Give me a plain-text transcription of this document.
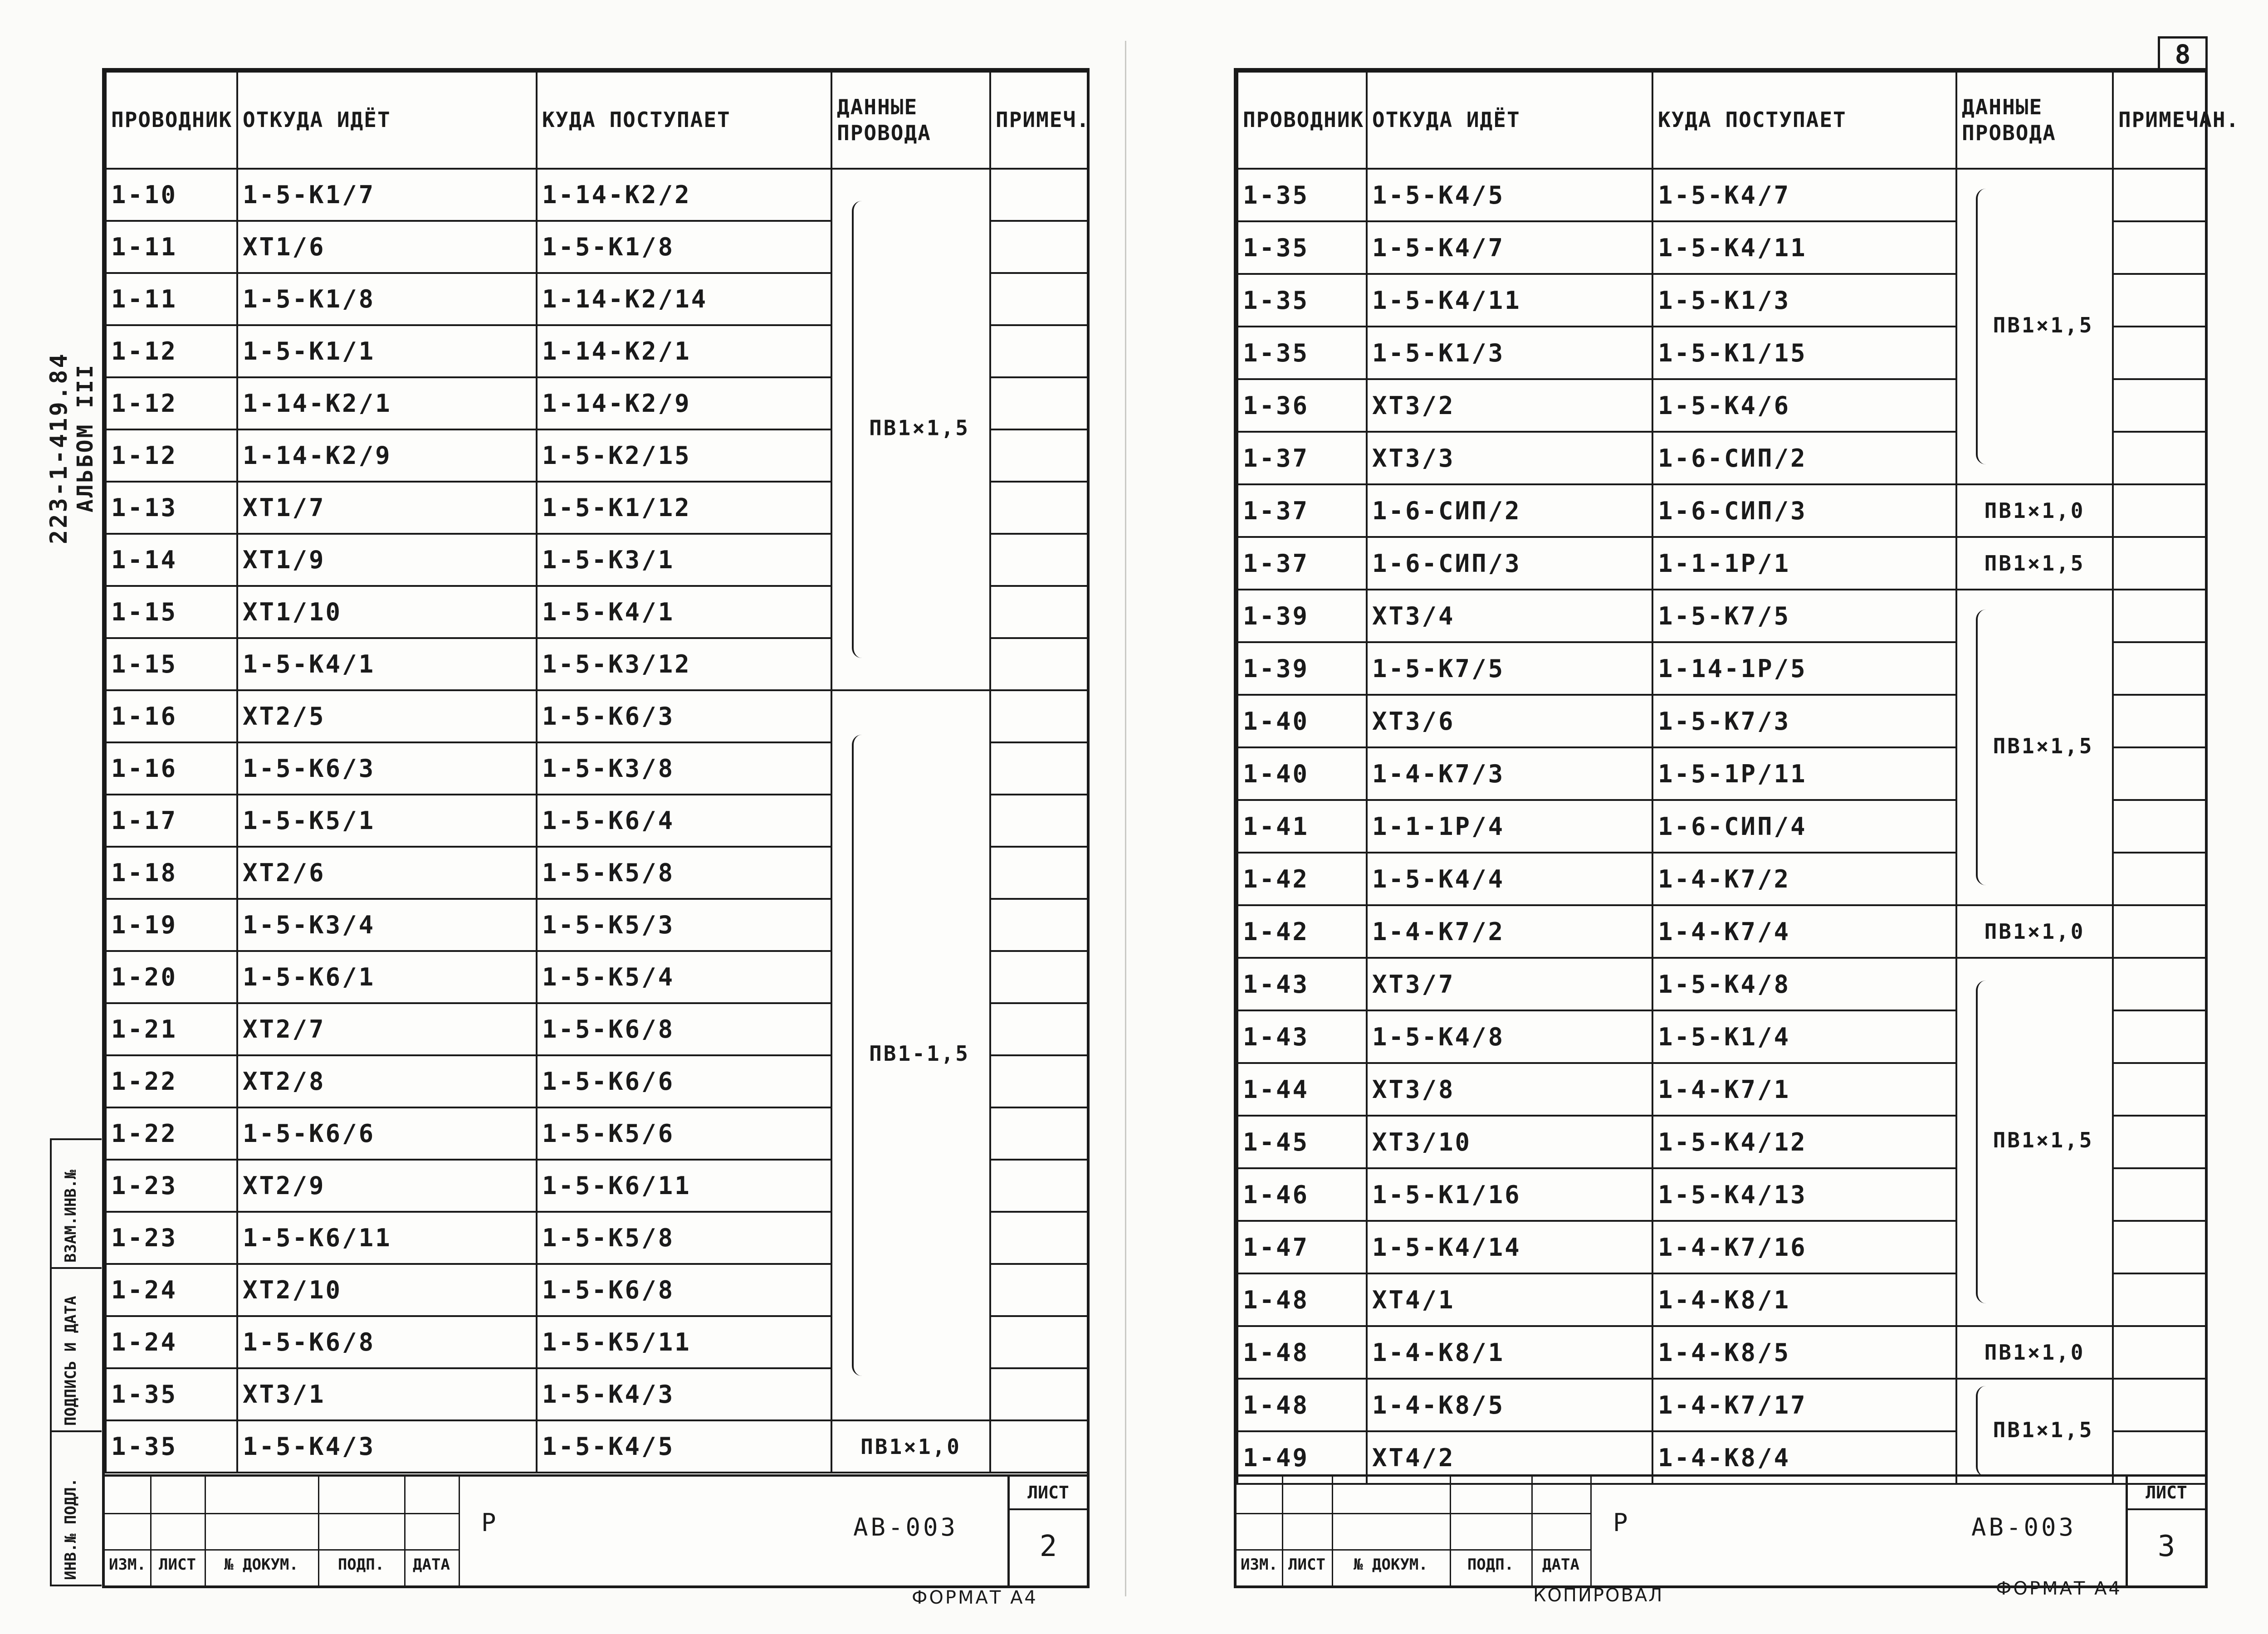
223-1-419.84 АЛЬБОМ III
ВЗАМ.ИНВ.№
ПОДПИСЬ И ДАТА
ИНВ.№ ПОДЛ.
ПРОВОДНИК	ОТКУДА ИДЁТ	КУДА ПОСТУПАЕТ	ДАННЫЕ ПРОВОДА	ПРИМЕЧ.
1-10	1-5-К1/7	1-14-К2/2	ПВ1×1,5	
1-11	ХТ1/6	1-5-К1/8		
1-11	1-5-К1/8	1-14-К2/14		
1-12	1-5-К1/1	1-14-К2/1		
1-12	1-14-К2/1	1-14-К2/9		
1-12	1-14-К2/9	1-5-К2/15		
1-13	ХТ1/7	1-5-К1/12		
1-14	ХТ1/9	1-5-К3/1		
1-15	ХТ1/10	1-5-К4/1		
1-15	1-5-К4/1	1-5-К3/12		
1-16	ХТ2/5	1-5-К6/3	ПВ1-1,5	
1-16	1-5-К6/3	1-5-К3/8		
1-17	1-5-К5/1	1-5-К6/4		
1-18	ХТ2/6	1-5-К5/8		
1-19	1-5-К3/4	1-5-К5/3		
1-20	1-5-К6/1	1-5-К5/4		
1-21	ХТ2/7	1-5-К6/8		
1-22	ХТ2/8	1-5-К6/6		
1-22	1-5-К6/6	1-5-К5/6		
1-23	ХТ2/9	1-5-К6/11		
1-23	1-5-К6/11	1-5-К5/8		
1-24	ХТ2/10	1-5-К6/8		
1-24	1-5-К6/8	1-5-К5/11		
1-35	ХТ3/1	1-5-К4/3		
1-35	1-5-К4/3	1-5-К4/5	ПВ1×1,0	
ИЗМ. ЛИСТ	№ ДОКУМ.	ПОДП.	ДАТА
Р	АВ-003
ЛИСТ
2
ФОРМАТ А4
8
ПРОВОДНИК	ОТКУДА ИДЁТ	КУДА ПОСТУПАЕТ	ДАННЫЕ ПРОВОДА	ПРИМЕЧАН.
1-35	1-5-К4/5	1-5-К4/7	ПВ1×1,5	
1-35	1-5-К4/7	1-5-К4/11		
1-35	1-5-К4/11	1-5-К1/3		
1-35	1-5-К1/3	1-5-К1/15		
1-36	ХТ3/2	1-5-К4/6		
1-37	ХТ3/3	1-6-СИП/2		
1-37	1-6-СИП/2	1-6-СИП/3	ПВ1×1,0	
1-37	1-6-СИП/3	1-1-1Р/1	ПВ1×1,5	
1-39	ХТ3/4	1-5-К7/5	ПВ1×1,5	
1-39	1-5-К7/5	1-14-1Р/5		
1-40	ХТ3/6	1-5-К7/3		
1-40	1-4-К7/3	1-5-1Р/11		
1-41	1-1-1Р/4	1-6-СИП/4		
1-42	1-5-К4/4	1-4-К7/2		
1-42	1-4-К7/2	1-4-К7/4	ПВ1×1,0	
1-43	ХТ3/7	1-5-К4/8	ПВ1×1,5	
1-43	1-5-К4/8	1-5-К1/4		
1-44	ХТ3/8	1-4-К7/1		
1-45	ХТ3/10	1-5-К4/12		
1-46	1-5-К1/16	1-5-К4/13		
1-47	1-5-К4/14	1-4-К7/16		
1-48	ХТ4/1	1-4-К8/1		
1-48	1-4-К8/1	1-4-К8/5	ПВ1×1,0	
1-48	1-4-К8/5	1-4-К7/17	ПВ1×1,5	
1-49	ХТ4/2	1-4-К8/4		
ИЗМ. ЛИСТ	№ ДОКУМ.	ПОДП.	ДАТА
Р	АВ-003
ЛИСТ
3
КОПИРОВАЛ	ФОРМАТ А4
